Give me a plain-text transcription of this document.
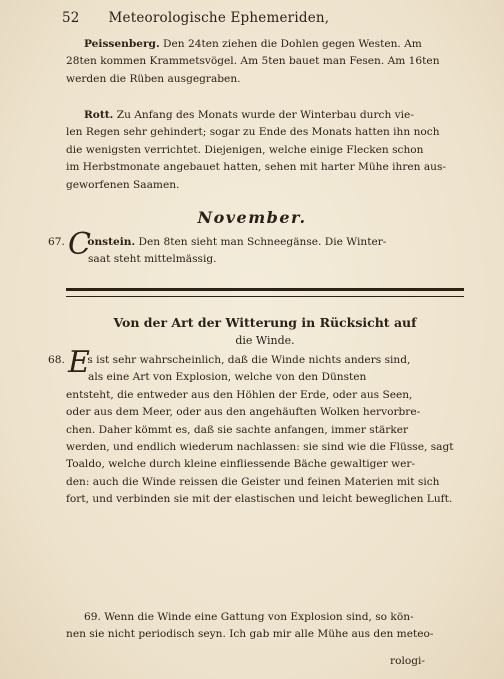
52 Meteorologische Ephemeriden,
Peissenberg. Den 24ten ziehen die Dohlen gegen Westen. Am
28ten kommen Krammetsvögel. Am 5ten bauet man Fesen. Am 16ten
werden die Rüben ausgegraben.
Rott. Zu Anfang des Monats wurde der Winterbau durch vie-
len Regen sehr gehindert; sogar zu Ende des Monats hatten ihn noch
die wenigsten verrichtet. Diejenigen, welche einige Flecken schon
im Herbstmonate angebauet hatten, sehen mit harter Mühe ihren aus-
geworfenen Saamen.
November.
67. C
onstein. Den 8ten sieht man Schneegänse. Die Winter-
saat steht mittelmässig.
Von der Art der Witterung in Rücksicht auf
die Winde.
68. E
s ist sehr wahrscheinlich, daß die Winde nichts anders sind,
als eine Art von Explosion, welche von den Dünsten
entsteht, die entweder aus den Höhlen der Erde, oder aus Seen,
oder aus dem Meer, oder aus den angehäuften Wolken hervorbre-
chen. Daher kömmt es, daß sie sachte anfangen, immer stärker
werden, und endlich wiederum nachlassen: sie sind wie die Flüsse, sagt
Toaldo, welche durch kleine einfliessende Bäche gewaltiger wer-
den: auch die Winde reissen die Geister und feinen Materien mit sich
fort, und verbinden sie mit der elastischen und leicht beweglichen Luft.
69. Wenn die Winde eine Gattung von Explosion sind, so kön-
nen sie nicht periodisch seyn. Ich gab mir alle Mühe aus den meteo-
rologi-
